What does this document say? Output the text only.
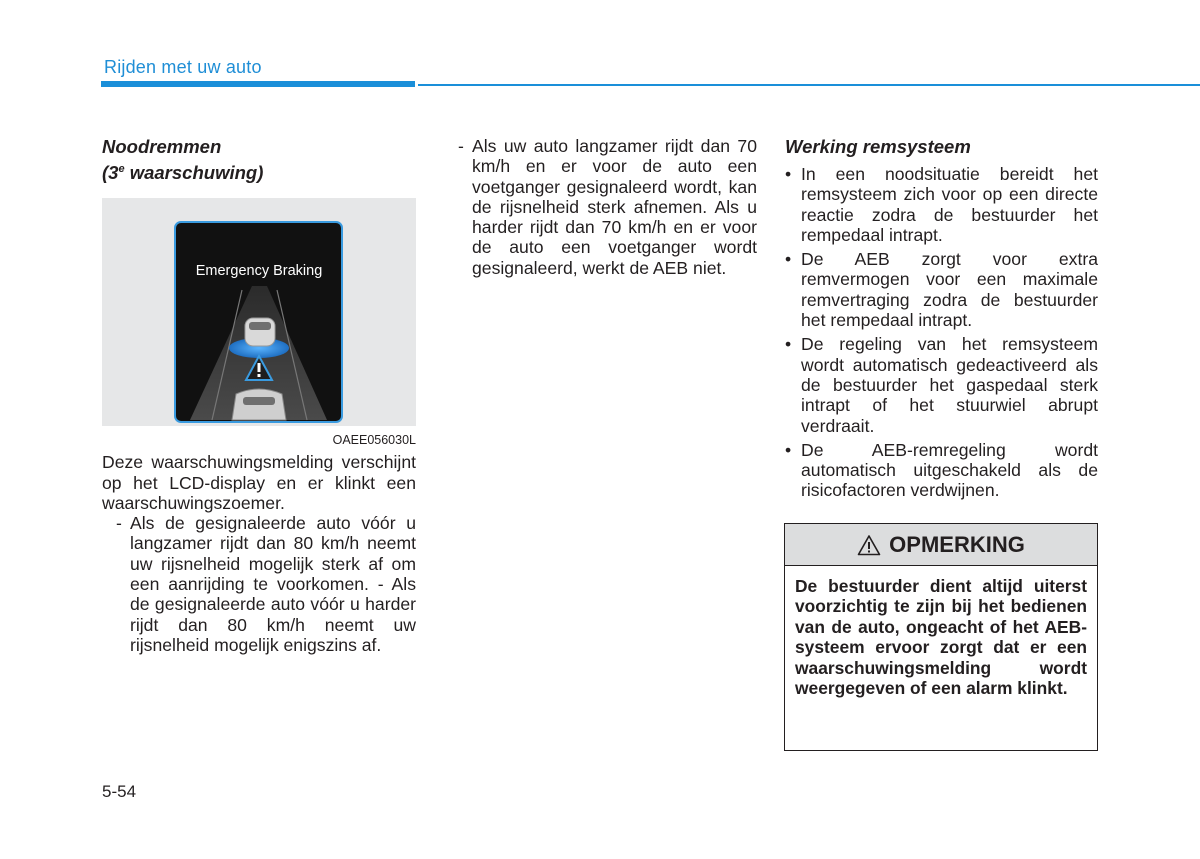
Rijden met uw auto
Noodremmen
(3e waarschuwing)
Emergency Braking
OAEE056030L
Deze waarschuwingsmelding verschijnt op het LCD-display en er klinkt een waarschuwingszoemer.
- Als de gesignaleerde auto vóór u langzamer rijdt dan 80 km/h neemt uw rijsnelheid mogelijk sterk af om een aanrijding te voorkomen. - Als de gesignaleerde auto vóór u harder rijdt dan 80 km/h neemt uw rijsnelheid mogelijk enigszins af.
- Als uw auto langzamer rijdt dan 70 km/h en er voor de auto een voetganger gesignaleerd wordt, kan de rijsnelheid sterk afnemen. Als u harder rijdt dan 70 km/h en er voor de auto een voetganger wordt gesignaleerd, werkt de AEB niet.
Werking remsysteem
• In een noodsituatie bereidt het remsysteem zich voor op een directe reactie zodra de bestuurder het rempedaal intrapt.
• De AEB zorgt voor extra remvermogen voor een maximale remvertraging zodra de bestuurder het rempedaal intrapt.
• De regeling van het remsysteem wordt automatisch gedeactiveerd als de bestuurder het gaspedaal sterk intrapt of het stuurwiel abrupt verdraait.
• De AEB-remregeling wordt automatisch uitgeschakeld als de risicofactoren verdwijnen.
OPMERKING
De bestuurder dient altijd uiterst voorzichtig te zijn bij het bedienen van de auto, ongeacht of het AEB-systeem ervoor zorgt dat er een waarschuwingsmelding wordt weergegeven of een alarm klinkt.
5-54
